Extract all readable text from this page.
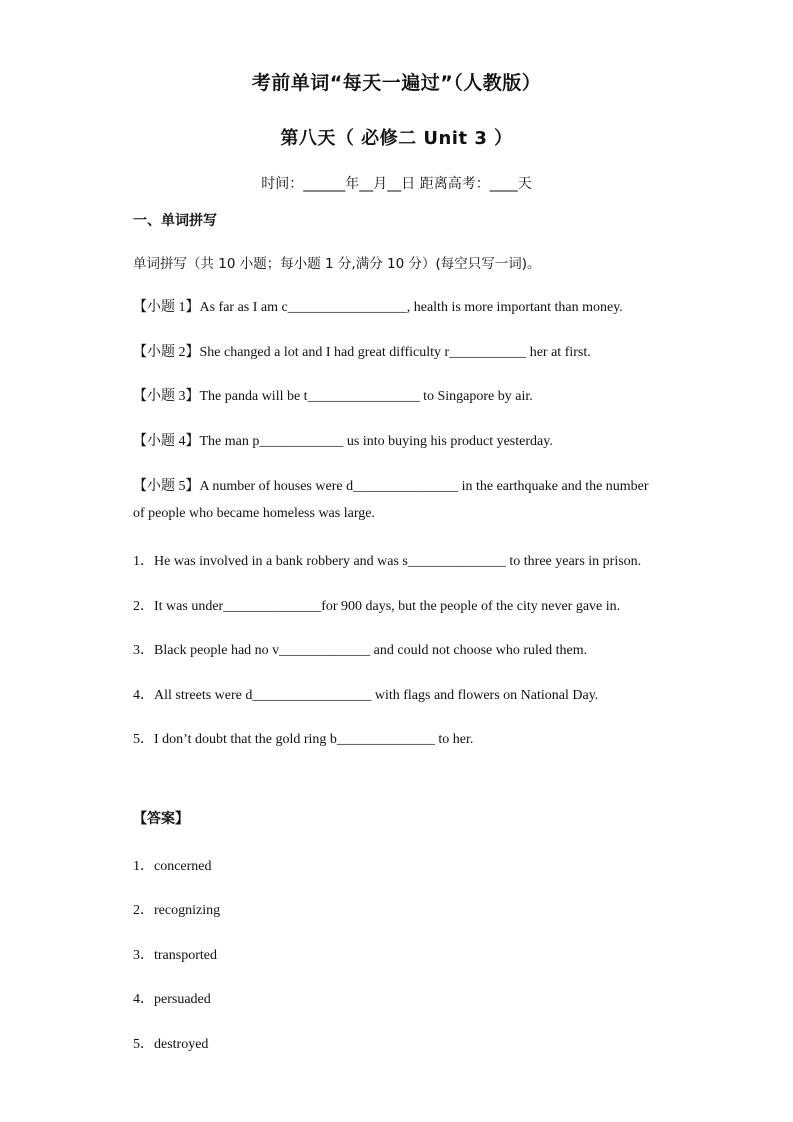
考前单词“每天一遍过”（人教版）
第八天（ 必修二 Unit 3 ）
时间：______年__月__日 距离高考：____天
一、单词拼写
单词拼写（共 10 小题；每小题 1 分,满分 10 分）(每空只写一词)。
【小题 1】As far as I am c_________________, health is more important than money.
【小题 2】She changed a lot and I had great difficulty r___________ her at first.
【小题 3】The panda will be t________________ to Singapore by air.
【小题 4】The man p____________ us into buying his product yesterday.
【小题 5】A number of houses were d_______________ in the earthquake and the number
of people who became homeless was large.
1．He was involved in a bank robbery and was s______________ to three years in prison.
2．It was under______________for 900 days, but the people of the city never gave in.
3．Black people had no v_____________ and could not choose who ruled them.
4．All streets were d_________________ with flags and flowers on National Day.
5．I don’t doubt that the gold ring b______________ to her.
【答案】
1．concerned
2．recognizing
3．transported
4．persuaded
5．destroyed
